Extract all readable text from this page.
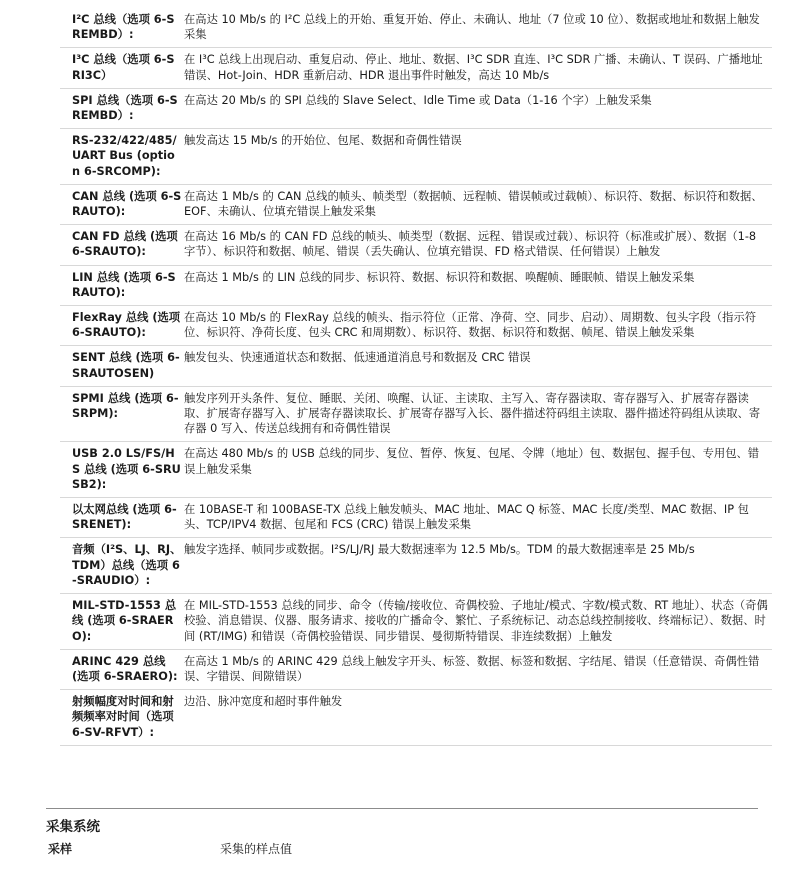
I²C 总线（选项 6-SREMBD）:	在高达 10 Mb/s 的 I²C 总线上的开始、重复开始、停止、未确认、地址（7 位或 10 位）、数据或地址和数据上触发采集
I³C 总线（选项 6-SRI3C）	在 I³C 总线上出现启动、重复启动、停止、地址、数据、I³C SDR 直连、I³C SDR 广播、未确认、T 误码、广播地址错误、Hot-Join、HDR 重新启动、HDR 退出事件时触发，高达 10 Mb/s
SPI 总线（选项 6-SREMBD）:	在高达 20 Mb/s 的 SPI 总线的 Slave Select、Idle Time 或 Data（1-16 个字）上触发采集
RS-232/422/485/UART Bus (option 6-SRCOMP):	触发高达 15 Mb/s 的开始位、包尾、数据和奇偶性错误
CAN 总线 (选项 6-SRAUTO):	在高达 1 Mb/s 的 CAN 总线的帧头、帧类型（数据帧、远程帧、错误帧或过载帧）、标识符、数据、标识符和数据、EOF、未确认、位填充错误上触发采集
CAN FD 总线 (选项 6-SRAUTO):	在高达 16 Mb/s 的 CAN FD 总线的帧头、帧类型（数据、远程、错误或过载）、标识符（标准或扩展）、数据（1-8 字节）、标识符和数据、帧尾、错误（丢失确认、位填充错误、FD 格式错误、任何错误）上触发
LIN 总线 (选项 6-SRAUTO):	在高达 1 Mb/s 的 LIN 总线的同步、标识符、数据、标识符和数据、唤醒帧、睡眠帧、错误上触发采集
FlexRay 总线 (选项 6-SRAUTO):	在高达 10 Mb/s 的 FlexRay 总线的帧头、指示符位（正常、净荷、空、同步、启动）、周期数、包头字段（指示符位、标识符、净荷长度、包头 CRC 和周期数）、标识符、数据、标识符和数据、帧尾、错误上触发采集
SENT 总线 (选项 6-SRAUTOSEN)	触发包头、快速通道状态和数据、低速通道消息号和数据及 CRC 错误
SPMI 总线 (选项 6-SRPM):	触发序列开头条件、复位、睡眠、关闭、唤醒、认证、主读取、主写入、寄存器读取、寄存器写入、扩展寄存器读取、扩展寄存器写入、扩展寄存器读取长、扩展寄存器写入长、器件描述符码组主读取、器件描述符码组从读取、寄存器 0 写入、传送总线拥有和奇偶性错误
USB 2.0 LS/FS/HS 总线 (选项 6-SRUSB2):	在高达 480 Mb/s 的 USB 总线的同步、复位、暂停、恢复、包尾、令牌（地址）包、数据包、握手包、专用包、错误上触发采集
以太网总线 (选项 6-SRENET):	在 10BASE-T 和 100BASE-TX 总线上触发帧头、MAC 地址、MAC Q 标签、MAC 长度/类型、MAC 数据、IP 包头、TCP/IPV4 数据、包尾和 FCS (CRC) 错误上触发采集
音频（I²S、LJ、RJ、TDM）总线（选项 6-SRAUDIO）:	触发字选择、帧同步或数据。I²S/LJ/RJ 最大数据速率为 12.5 Mb/s。TDM 的最大数据速率是 25 Mb/s
MIL-STD-1553 总线 (选项 6-SRAERO):	在 MIL-STD-1553 总线的同步、命令（传输/接收位、奇偶校验、子地址/模式、字数/模式数、RT 地址）、状态（奇偶校验、消息错误、仪器、服务请求、接收的广播命令、繁忙、子系统标记、动态总线控制接收、终端标记）、数据、时间 (RT/IMG) 和错误（奇偶校验错误、同步错误、曼彻斯特错误、非连续数据）上触发
ARINC 429 总线 (选项 6-SRAERO):	在高达 1 Mb/s 的 ARINC 429 总线上触发字开头、标签、数据、标签和数据、字结尾、错误（任意错误、奇偶性错误、字错误、间隙错误）
射频幅度对时间和射频频率对时间（选项 6-SV-RFVT）:	边沿、脉冲宽度和超时事件触发
采集系统
采样	采集的样点值
